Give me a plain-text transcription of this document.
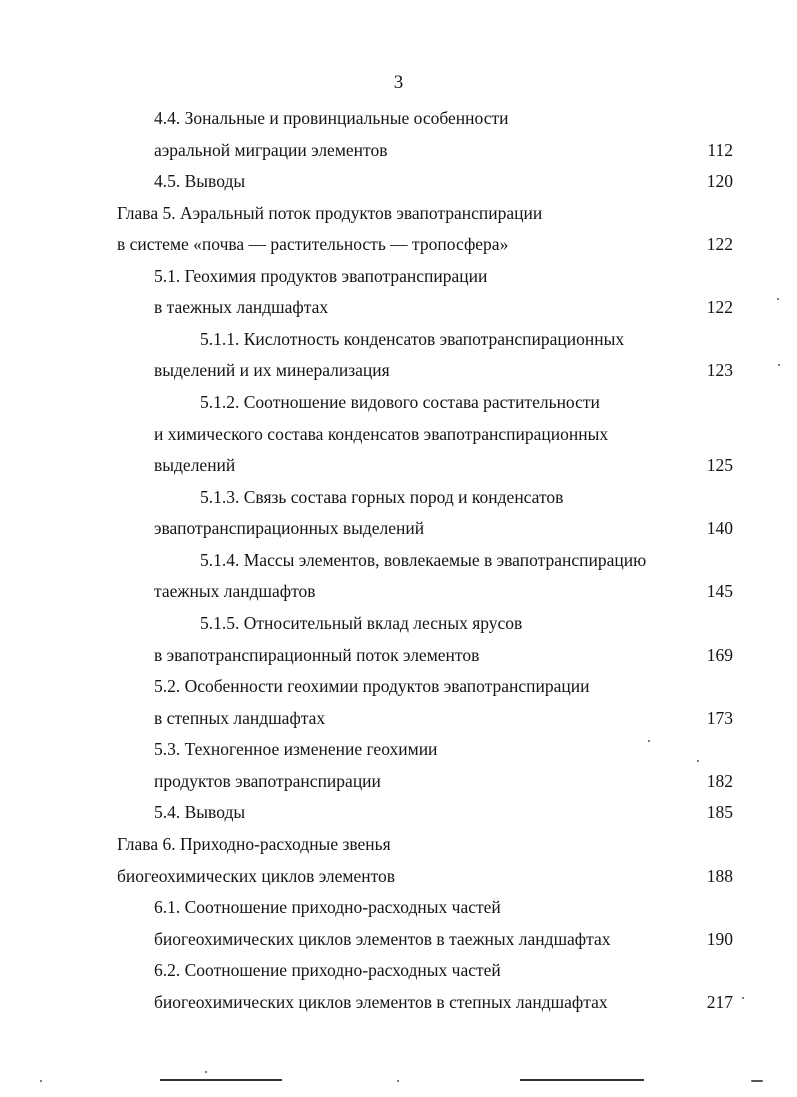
3
4.4. Зональные и провинциальные особенности
аэральной миграции элементов	112
4.5. Выводы	120
Глава 5. Аэральный поток продуктов эвапотранспирации
в системе «почва — растительность — тропосфера»	122
5.1. Геохимия продуктов эвапотранспирации
в таежных ландшафтах	122
5.1.1. Кислотность конденсатов эвапотранспирационных
выделений и их минерализация	123
5.1.2. Соотношение видового состава растительности
и химического состава конденсатов эвапотранспирационных
выделений	125
5.1.3. Связь состава горных пород и конденсатов
эвапотранспирационных выделений	140
5.1.4. Массы элементов, вовлекаемые в эвапотранспирацию
таежных ландшафтов	145
5.1.5. Относительный вклад лесных ярусов
в эвапотранспирационный поток элементов	169
5.2. Особенности геохимии продуктов эвапотранспирации
в степных ландшафтах	173
5.3. Техногенное изменение геохимии
продуктов эвапотранспирации	182
5.4. Выводы	185
Глава 6. Приходно-расходные звенья
биогеохимических циклов элементов	188
6.1. Соотношение приходно-расходных частей
биогеохимических циклов элементов в таежных ландшафтах	190
6.2. Соотношение приходно-расходных частей
биогеохимических циклов элементов в степных ландшафтах	217
